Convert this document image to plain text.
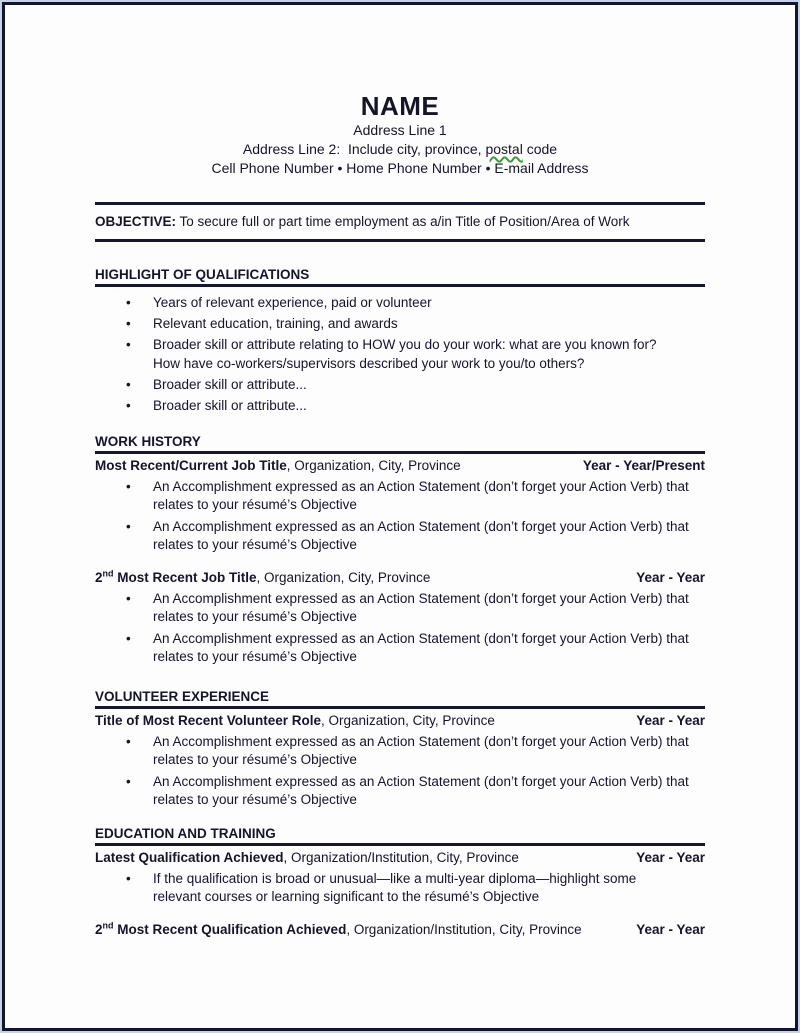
NAME
Address Line 1
Address Line 2:  Include city, province, postal code
Cell Phone Number • Home Phone Number • E-mail Address
OBJECTIVE: To secure full or part time employment as a/in Title of Position/Area of Work
HIGHLIGHT OF QUALIFICATIONS
• Years of relevant experience, paid or volunteer
• Relevant education, training, and awards
• Broader skill or attribute relating to HOW you do your work: what are you known for? How have co-workers/supervisors described your work to you/to others?
• Broader skill or attribute...
• Broader skill or attribute...
WORK HISTORY
Most Recent/Current Job Title, Organization, City, Province	Year - Year/Present
• An Accomplishment expressed as an Action Statement (don’t forget your Action Verb) that relates to your résumé’s Objective
• An Accomplishment expressed as an Action Statement (don’t forget your Action Verb) that relates to your résumé’s Objective
2nd Most Recent Job Title, Organization, City, Province	Year - Year
• An Accomplishment expressed as an Action Statement (don’t forget your Action Verb) that relates to your résumé’s Objective
• An Accomplishment expressed as an Action Statement (don’t forget your Action Verb) that relates to your résumé’s Objective
VOLUNTEER EXPERIENCE
Title of Most Recent Volunteer Role, Organization, City, Province	Year - Year
• An Accomplishment expressed as an Action Statement (don’t forget your Action Verb) that relates to your résumé’s Objective
• An Accomplishment expressed as an Action Statement (don’t forget your Action Verb) that relates to your résumé’s Objective
EDUCATION AND TRAINING
Latest Qualification Achieved, Organization/Institution, City, Province	Year - Year
• If the qualification is broad or unusual—like a multi-year diploma—highlight some relevant courses or learning significant to the résumé’s Objective
2nd Most Recent Qualification Achieved, Organization/Institution, City, Province	Year - Year
